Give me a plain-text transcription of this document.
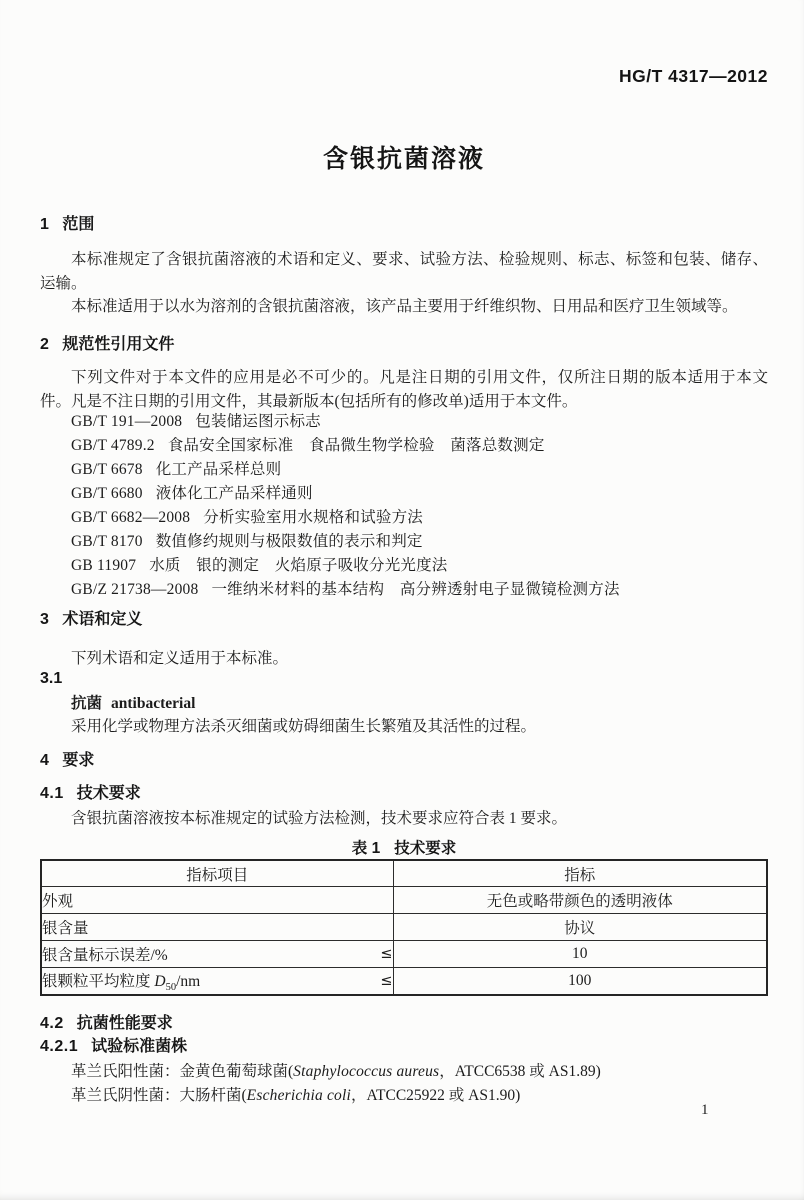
HG/T 4317—2012
含银抗菌溶液
1 范围

本标准规定了含银抗菌溶液的术语和定义、要求、试验方法、检验规则、标志、标签和包装、储存、运输。

本标准适用于以水为溶剂的含银抗菌溶液，该产品主要用于纤维织物、日用品和医疗卫生领域等。

2 规范性引用文件

下列文件对于本文件的应用是必不可少的。凡是注日期的引用文件，仅所注日期的版本适用于本文件。凡是不注日期的引用文件，其最新版本(包括所有的修改单)适用于本文件。

GB/T 191—2008 包装储运图示标志
GB/T 4789.2 食品安全国家标准　食品微生物学检验　菌落总数测定
GB/T 6678 化工产品采样总则
GB/T 6680 液体化工产品采样通则
GB/T 6682—2008 分析实验室用水规格和试验方法
GB/T 8170 数值修约规则与极限数值的表示和判定
GB 11907 水质　银的测定　火焰原子吸收分光光度法
GB/Z 21738—2008 一维纳米材料的基本结构　高分辨透射电子显微镜检测方法
3 术语和定义

下列术语和定义适用于本标准。

3.1

抗菌 antibacterial

采用化学或物理方法杀灭细菌或妨碍细菌生长繁殖及其活性的过程。

4 要求
4.1 技术要求

含银抗菌溶液按本标准规定的试验方法检测，技术要求应符合表 1 要求。

表 1 技术要求
指标项目	指标

外观	无色或略带颜色的透明液体

银含量	协议

银含量标示误差/% ≤	10

银颗粒平均粒度 $D_{50}/nm$ ≤	100
4.2 抗菌性能要求
4.2.1 试验标准菌株

革兰氏阳性菌：金黄色葡萄球菌(Staphylococcus aureus，ATCC6538 或 AS1.89)

革兰氏阴性菌：大肠杆菌(Escherichia coli，ATCC25922 或 AS1.90)

1
